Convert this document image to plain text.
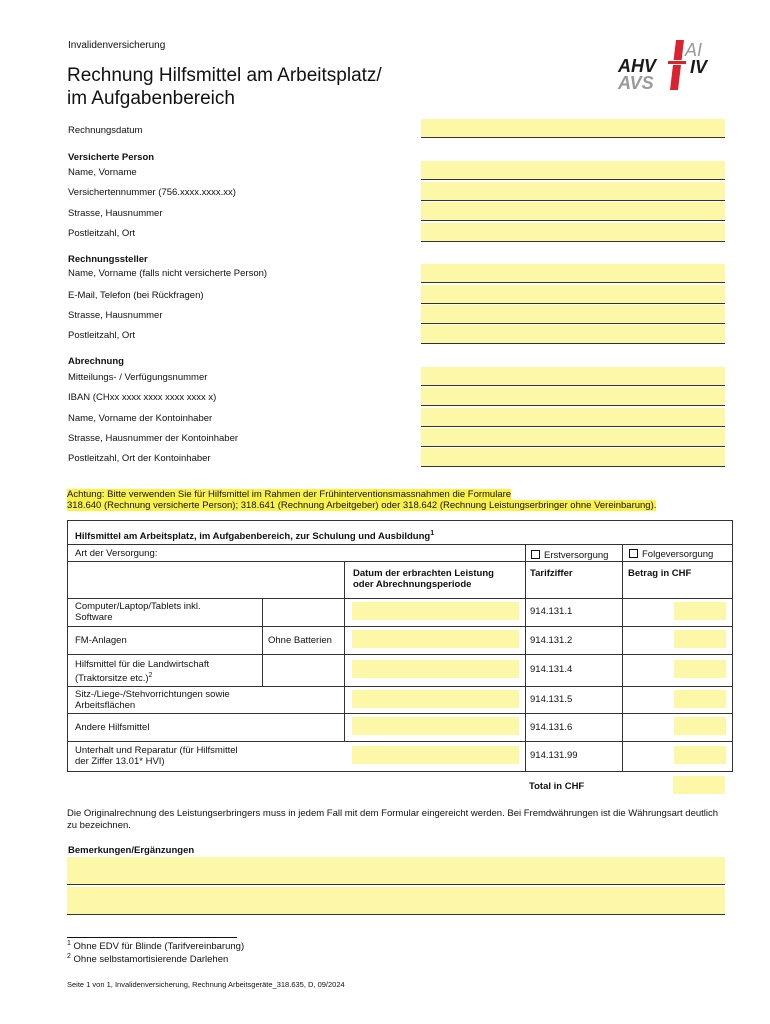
Invalidenversicherung
Rechnung Hilfsmittel am Arbeitsplatz/
im Aufgabenbereich
AHV
AVS
AI
IV
Rechnungsdatum
Versicherte Person
Name, Vorname
Versichertennummer (756.xxxx.xxxx.xx)
Strasse, Hausnummer
Postleitzahl, Ort
Rechnungssteller
Name, Vorname (falls nicht versicherte Person)
E-Mail, Telefon (bei Rückfragen)
Strasse, Hausnummer
Postleitzahl, Ort
Abrechnung
Mitteilungs- / Verfügungsnummer
IBAN (CHxx xxxx xxxx xxxx xxxx x)
Name, Vorname der Kontoinhaber
Strasse, Hausnummer der Kontoinhaber
Postleitzahl, Ort der Kontoinhaber
Achtung: Bitte verwenden Sie für Hilfsmittel im Rahmen der Frühinterventionsmassnahmen die Formulare
318.640 (Rechnung versicherte Person); 318.641 (Rechnung Arbeitgeber) oder 318.642 (Rechnung Leistungserbringer ohne Vereinbarung).
Hilfsmittel am Arbeitsplatz, im Aufgabenbereich, zur Schulung und Ausbildung$^1$
Art der Versorgung:	Erstversorgung	Folgeversorgung
Datum der erbrachten Leistung
oder Abrechnungsperiode
Tarifziffer	Betrag in CHF
Computer/Laptop/Tablets inkl.
Software
914.131.1
FM-Anlagen	Ohne Batterien	914.131.2
Hilfsmittel für die Landwirtschaft
(Traktorsitze etc.)$^2$
914.131.4
Sitz-/Liege-/Stehvorrichtungen sowie
Arbeitsflächen
914.131.5
Andere Hilfsmittel	914.131.6
Unterhalt und Reparatur (für Hilfsmittel
der Ziffer 13.01* HVI)
914.131.99
Total in CHF
Die Originalrechnung des Leistungserbringers muss in jedem Fall mit dem Formular eingereicht werden. Bei Fremdwährungen ist die Währungsart deutlich zu bezeichnen.
Bemerkungen/Ergänzungen
$^1$ Ohne EDV für Blinde (Tarifvereinbarung)
$^2$ Ohne selbstamortisierende Darlehen
Seite 1 von 1, Invalidenversicherung, Rechnung Arbeitsgeräte_318.635, D, 09/2024
